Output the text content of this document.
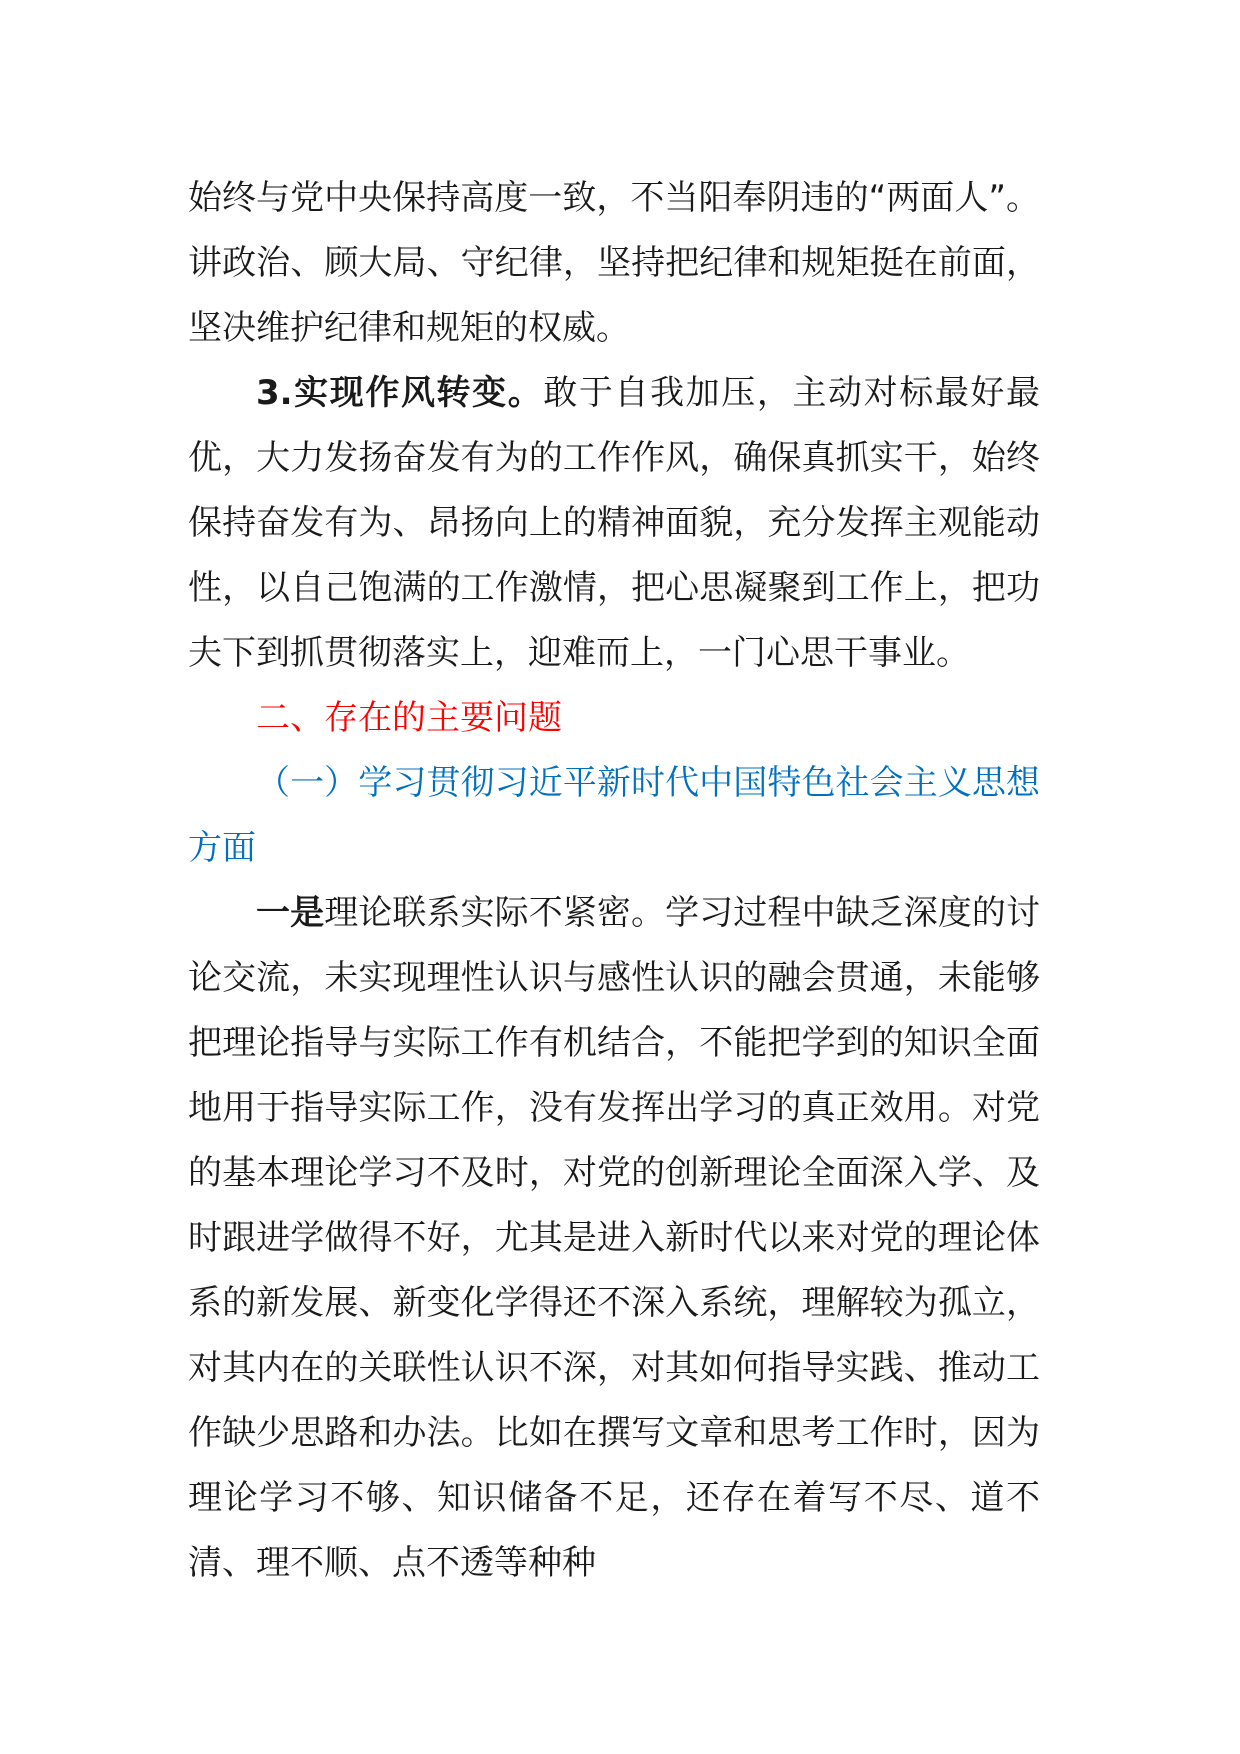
始终与党中央保持高度一致，不当阳奉阴违的“两面人”。讲政治、顾大局、守纪律，坚持把纪律和规矩挺在前面，坚决维护纪律和规矩的权威。

3.实现作风转变。敢于自我加压，主动对标最好最优，大力发扬奋发有为的工作作风，确保真抓实干，始终保持奋发有为、昂扬向上的精神面貌，充分发挥主观能动性，以自己饱满的工作激情，把心思凝聚到工作上，把功夫下到抓贯彻落实上，迎难而上，一门心思干事业。

二、存在的主要问题

（一）学习贯彻习近平新时代中国特色社会主义思想方面

一是理论联系实际不紧密。学习过程中缺乏深度的讨论交流，未实现理性认识与感性认识的融会贯通，未能够把理论指导与实际工作有机结合，不能把学到的知识全面地用于指导实际工作，没有发挥出学习的真正效用。对党的基本理论学习不及时，对党的创新理论全面深入学、及时跟进学做得不好，尤其是进入新时代以来对党的理论体系的新发展、新变化学得还不深入系统，理解较为孤立，对其内在的关联性认识不深，对其如何指导实践、推动工作缺少思路和办法。比如在撰写文章和思考工作时，因为理论学习不够、知识储备不足，还存在着写不尽、道不清、理不顺、点不透等种种
